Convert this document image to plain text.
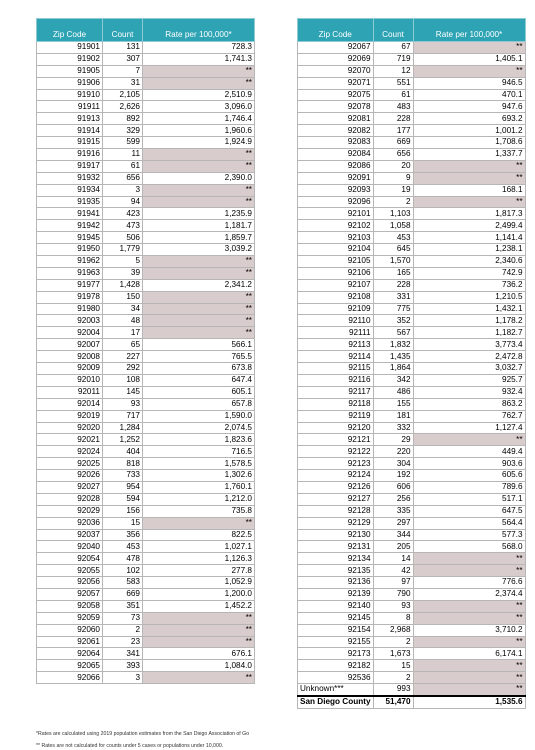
Zip Code	Count	Rate per 100,000*
91901	131	728.3
91902	307	1,741.3
91905	7	**
91906	31	**
91910	2,105	2,510.9
91911	2,626	3,096.0
91913	892	1,746.4
91914	329	1,960.6
91915	599	1,924.9
91916	11	**
91917	61	**
91932	656	2,390.0
91934	3	**
91935	94	**
91941	423	1,235.9
91942	473	1,181.7
91945	506	1,859.7
91950	1,779	3,039.2
91962	5	**
91963	39	**
91977	1,428	2,341.2
91978	150	**
91980	34	**
92003	48	**
92004	17	**
92007	65	566.1
92008	227	765.5
92009	292	673.8
92010	108	647.4
92011	145	605.1
92014	93	657.8
92019	717	1,590.0
92020	1,284	2,074.5
92021	1,252	1,823.6
92024	404	716.5
92025	818	1,578.5
92026	733	1,302.6
92027	954	1,760.1
92028	594	1,212.0
92029	156	735.8
92036	15	**
92037	356	822.5
92040	453	1,027.1
92054	478	1,126.3
92055	102	277.8
92056	583	1,052.9
92057	669	1,200.0
92058	351	1,452.2
92059	73	**
92060	2	**
92061	23	**
92064	341	676.1
92065	393	1,084.0
92066	3	**
Zip Code	Count	Rate per 100,000*
92067	67	**
92069	719	1,405.1
92070	12	**
92071	551	946.5
92075	61	470.1
92078	483	947.6
92081	228	693.2
92082	177	1,001.2
92083	669	1,708.6
92084	656	1,337.7
92086	20	**
92091	9	**
92093	19	168.1
92096	2	**
92101	1,103	1,817.3
92102	1,058	2,499.4
92103	453	1,141.4
92104	645	1,238.1
92105	1,570	2,340.6
92106	165	742.9
92107	228	736.2
92108	331	1,210.5
92109	775	1,432.1
92110	352	1,178.2
92111	567	1,182.7
92113	1,832	3,773.4
92114	1,435	2,472.8
92115	1,864	3,032.7
92116	342	925.7
92117	486	932.4
92118	155	863.2
92119	181	762.7
92120	332	1,127.4
92121	29	**
92122	220	449.4
92123	304	903.6
92124	192	605.6
92126	606	789.6
92127	256	517.1
92128	335	647.5
92129	297	564.4
92130	344	577.3
92131	205	568.0
92134	14	**
92135	42	**
92136	97	776.6
92139	790	2,374.4
92140	93	**
92145	8	**
92154	2,968	3,710.2
92155	2	**
92173	1,673	6,174.1
92182	15	**
92536	2	**
Unknown***	993	**
San Diego County	51,470	1,535.6
*Rates are calculated using 2019 population estimates from the San Diego Association of Go
** Rates are not calculated for counts under 5 cases or populations under 10,000.
